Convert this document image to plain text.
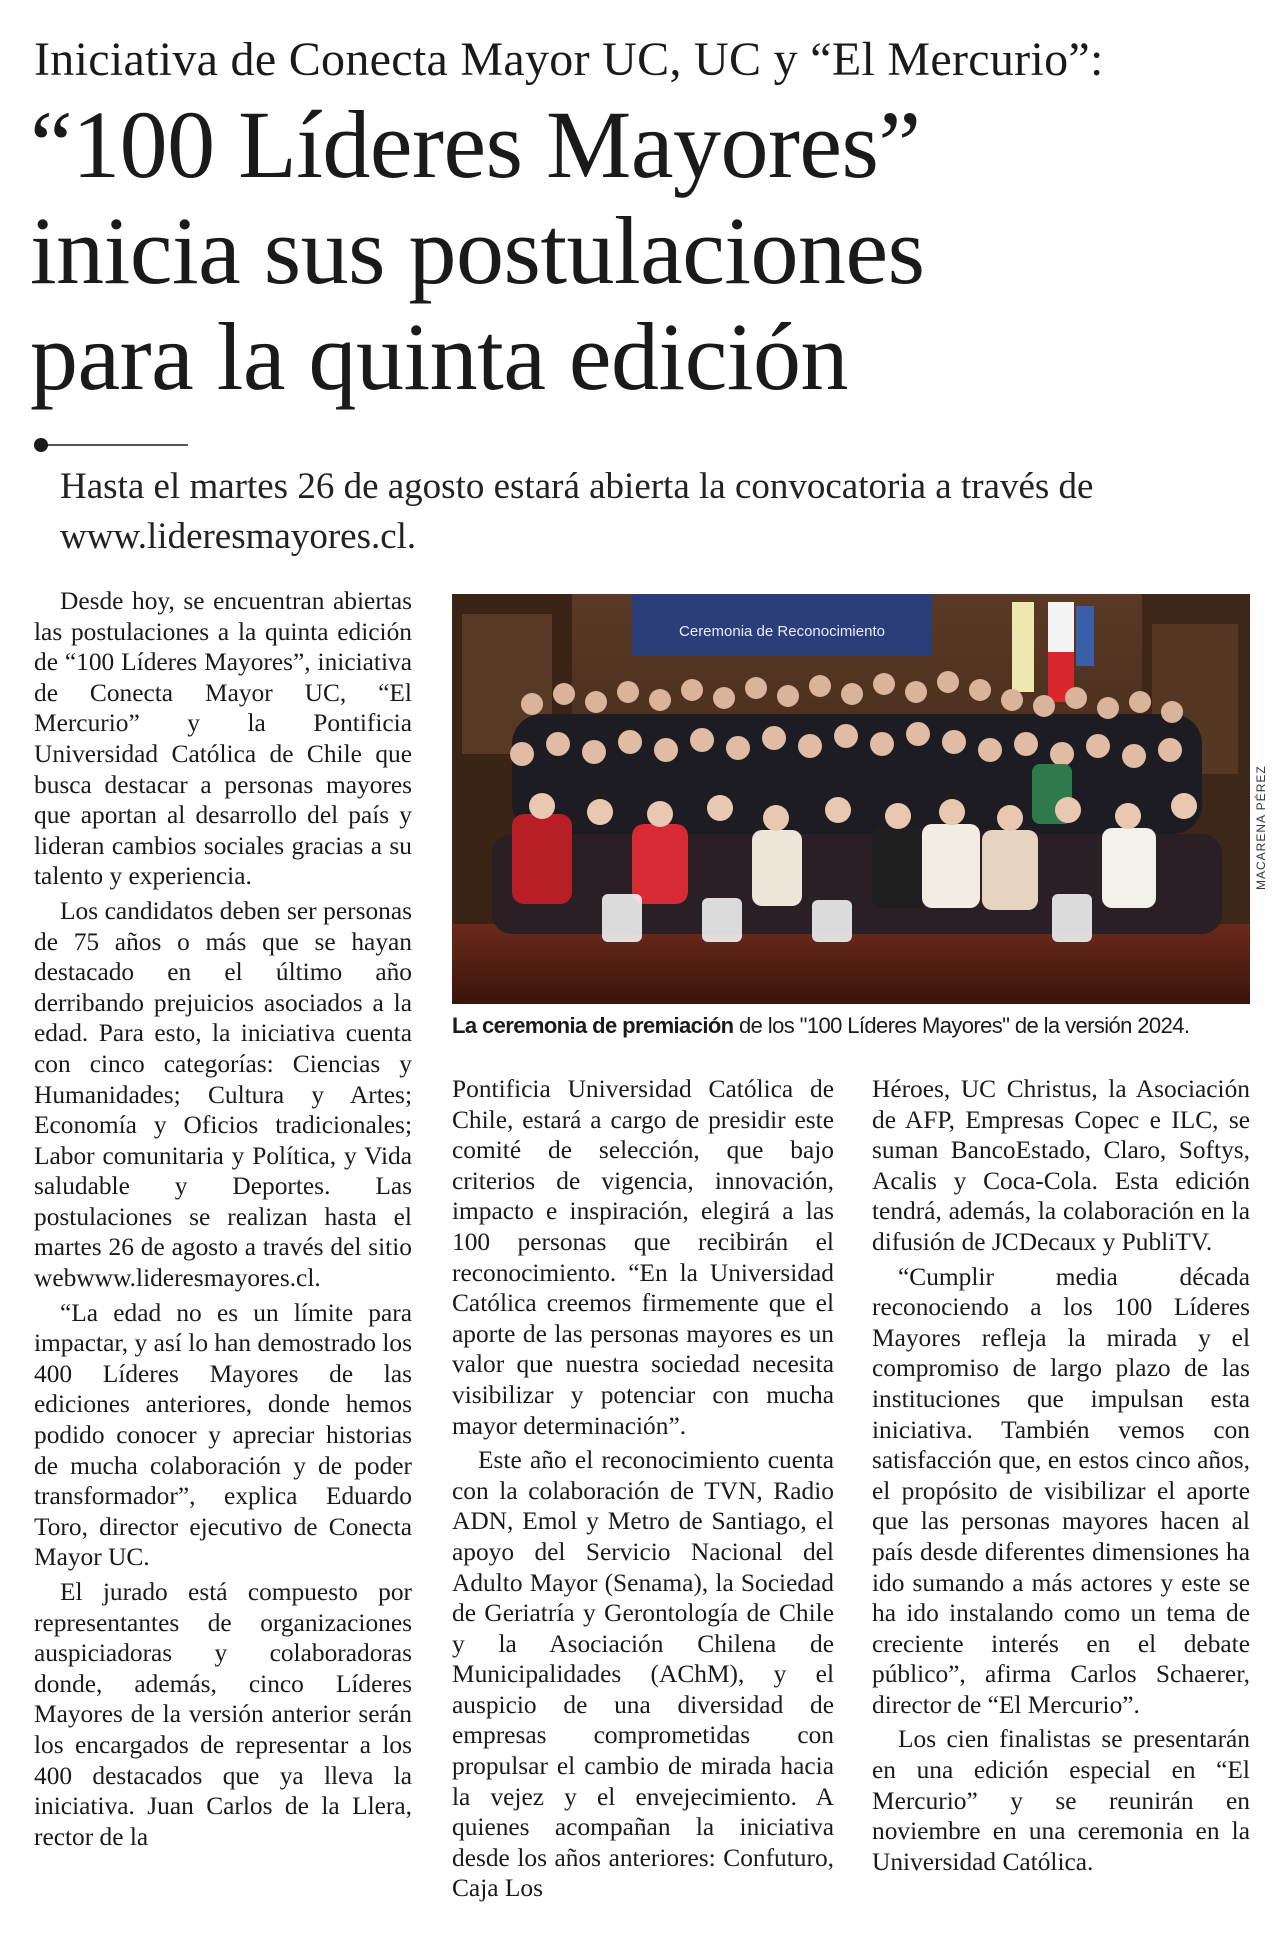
Iniciativa de Conecta Mayor UC, UC y “El Mercurio”:
“100 Líderes Mayores”
inicia sus postulaciones
para la quinta edición
Hasta el martes 26 de agosto estará abierta la convocatoria a través de www.lideresmayores.cl.

Desde hoy, se encuentran abiertas las postulaciones a la quinta edición de “100 Líderes Mayores”, iniciativa de Conecta Mayor UC, “El Mercurio” y la Pontificia Universidad Católica de Chile que busca destacar a personas mayores que aportan al desarrollo del país y lideran cambios sociales gracias a su talento y experiencia.

Los candidatos deben ser personas de 75 años o más que se hayan destacado en el último año derribando prejuicios asociados a la edad. Para esto, la iniciativa cuenta con cinco categorías: Ciencias y Humanidades; Cultura y Artes; Economía y Oficios tradicionales; Labor comunitaria y Política, y Vida saludable y Deportes. Las postulaciones se realizan hasta el martes 26 de agosto a través del sitio webwww.lideresmayores.cl.

“La edad no es un límite para impactar, y así lo han demostrado los 400 Líderes Mayores de las ediciones anteriores, donde hemos podido conocer y apreciar historias de mucha colaboración y de poder transformador”, explica Eduardo Toro, director ejecutivo de Conecta Mayor UC.

El jurado está compuesto por representantes de organizaciones auspiciadoras y colaboradoras donde, además, cinco Líderes Mayores de la versión anterior serán los encargados de representar a los 400 destacados que ya lleva la iniciativa. Juan Carlos de la Llera, rector de la

Ceremonia de Reconocimiento
MACARENA PÉREZ
La ceremonia de premiación de los "100 Líderes Mayores" de la versión 2024.

Pontificia Universidad Católica de Chile, estará a cargo de presidir este comité de selección, que bajo criterios de vigencia, innovación, impacto e inspiración, elegirá a las 100 personas que recibirán el reconocimiento. “En la Universidad Católica creemos firmemente que el aporte de las personas mayores es un valor que nuestra sociedad necesita visibilizar y potenciar con mucha mayor determinación”.

Este año el reconocimiento cuenta con la colaboración de TVN, Radio ADN, Emol y Metro de Santiago, el apoyo del Servicio Nacional del Adulto Mayor (Senama), la Sociedad de Geriatría y Gerontología de Chile y la Asociación Chilena de Municipalidades (AChM), y el auspicio de una diversidad de empresas comprometidas con propulsar el cambio de mirada hacia la vejez y el envejecimiento. A quienes acompañan la iniciativa desde los años anteriores: Confuturo, Caja Los

Héroes, UC Christus, la Asociación de AFP, Empresas Copec e ILC, se suman BancoEstado, Claro, Softys, Acalis y Coca-Cola. Esta edición tendrá, además, la colaboración en la difusión de JCDecaux y PubliTV.

“Cumplir media década reconociendo a los 100 Líderes Mayores refleja la mirada y el compromiso de largo plazo de las instituciones que impulsan esta iniciativa. También vemos con satisfacción que, en estos cinco años, el propósito de visibilizar el aporte que las personas mayores hacen al país desde diferentes dimensiones ha ido sumando a más actores y este se ha ido instalando como un tema de creciente interés en el debate público”, afirma Carlos Schaerer, director de “El Mercurio”.

Los cien finalistas se presentarán en una edición especial en “El Mercurio” y se reunirán en noviembre en una ceremonia en la Universidad Católica.
